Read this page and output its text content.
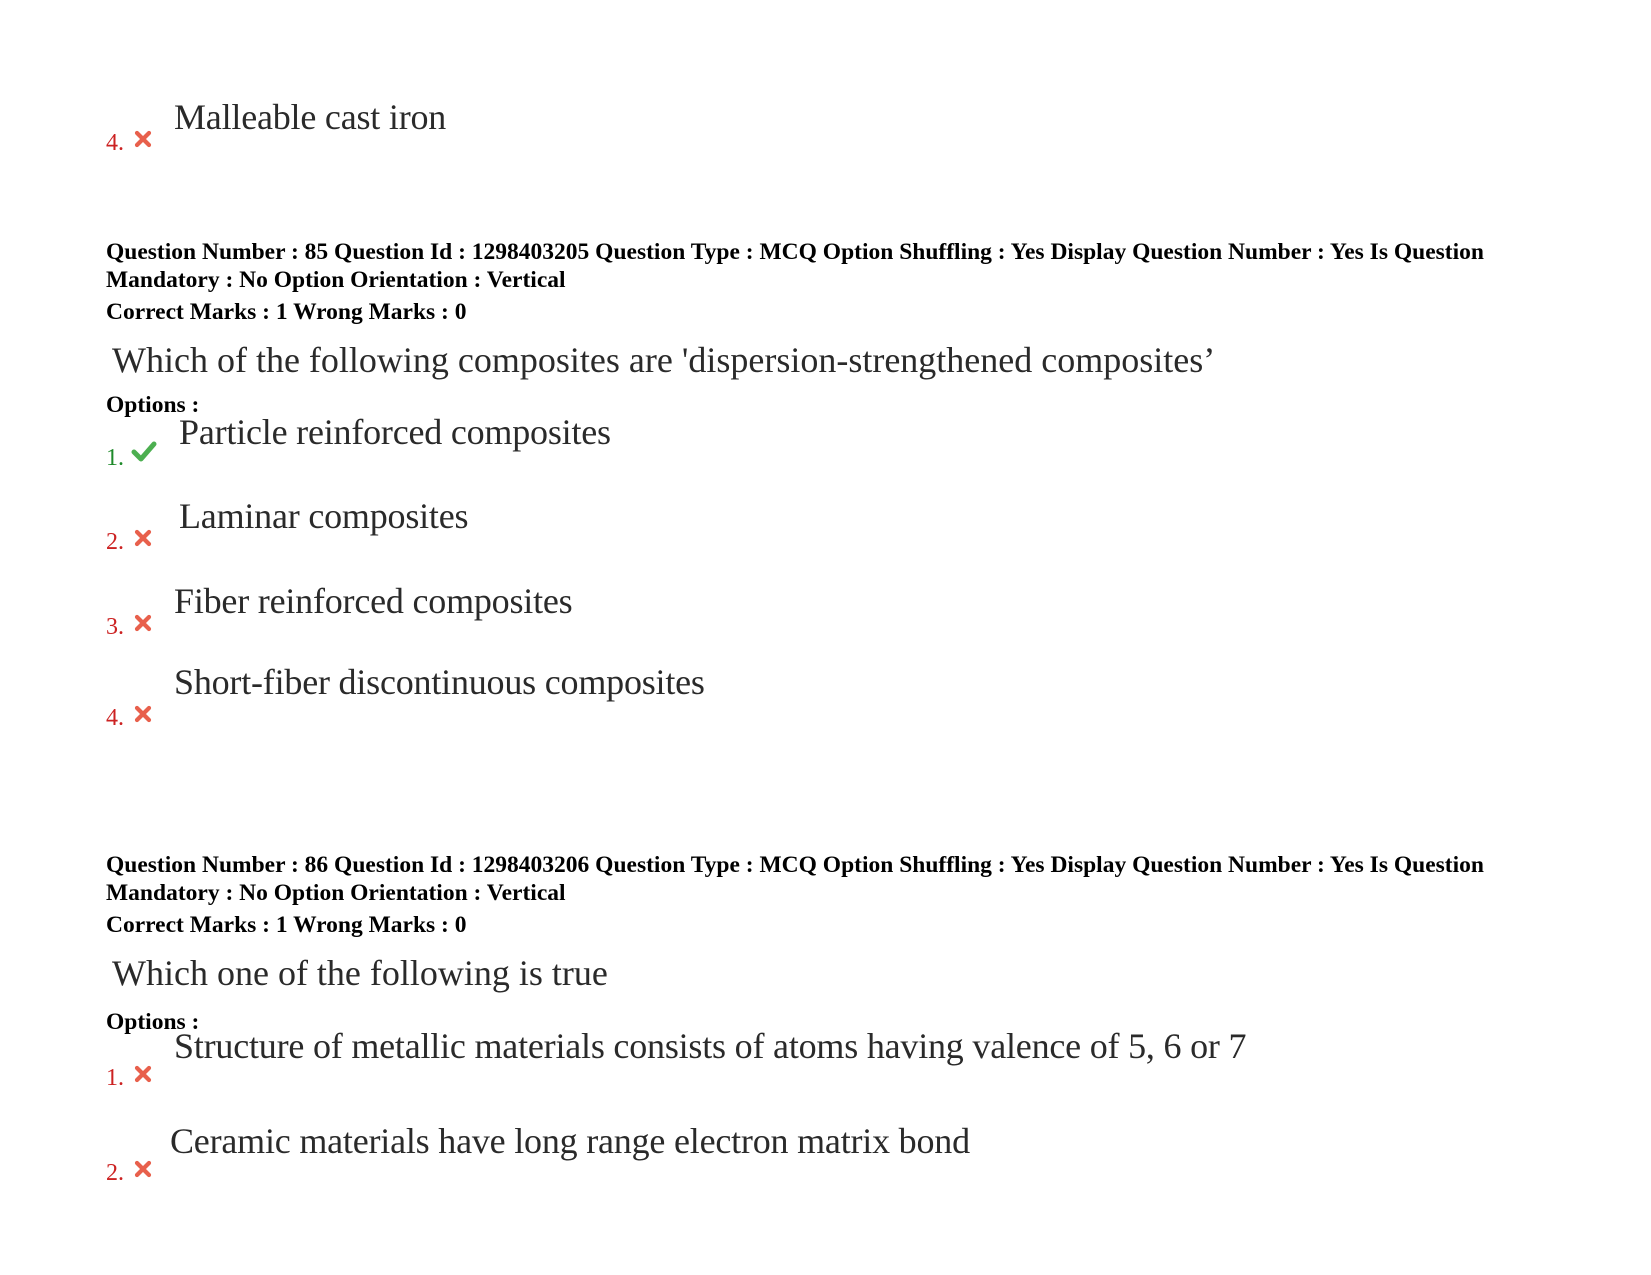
4.
Malleable cast iron

Question Number : 85 Question Id : 1298403205 Question Type : MCQ Option Shuffling : Yes Display Question Number : Yes Is Question Mandatory : No Option Orientation : Vertical

Correct Marks : 1 Wrong Marks : 0

Which of the following composites are 'dispersion-strengthened composites’
Options :
1.
Particle reinforced composites
2.
Laminar composites
3.
Fiber reinforced composites
4.
Short-fiber discontinuous composites

Question Number : 86 Question Id : 1298403206 Question Type : MCQ Option Shuffling : Yes Display Question Number : Yes Is Question Mandatory : No Option Orientation : Vertical

Correct Marks : 1 Wrong Marks : 0

Which one of the following is true
Options :
1.
Structure of metallic materials consists of atoms having valence of 5, 6 or 7
2.
Ceramic materials have long range electron matrix bond
